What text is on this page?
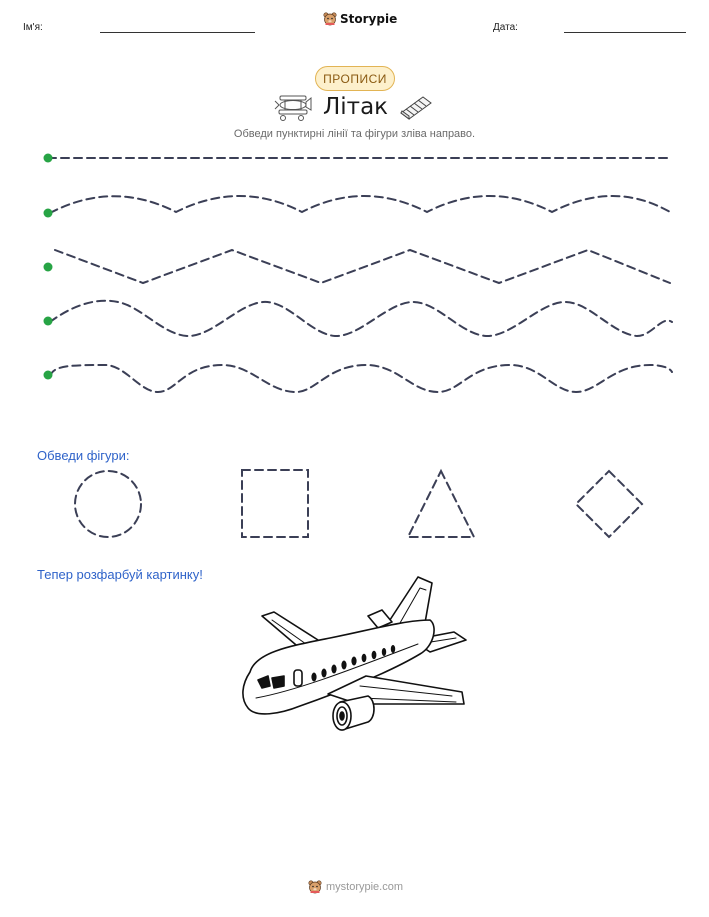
Ім'я:
Storypie
Дата:
ПРОПИСИ
Літак
Обведи пунктирні лінії та фігури зліва направо.
Обведи фігури:
Тепер розфарбуй картинку!
mystorypie.com
